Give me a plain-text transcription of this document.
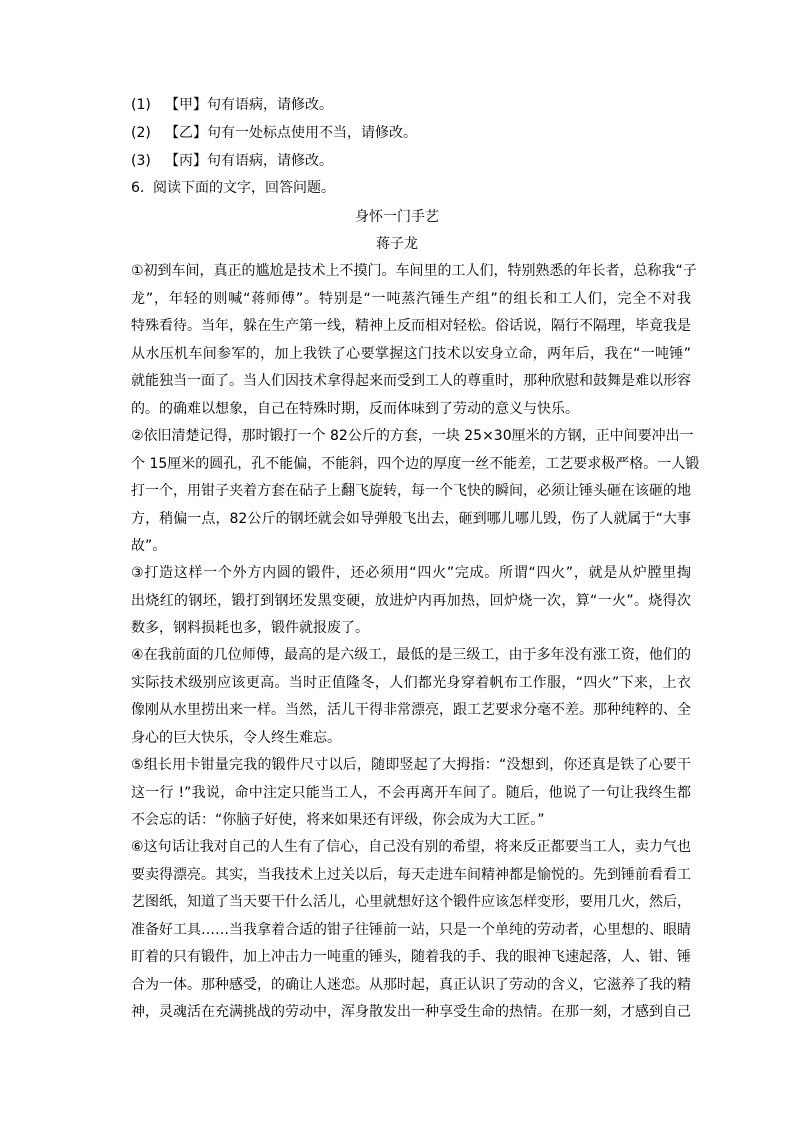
(1) 【甲】句有语病，请修改。
(2) 【乙】句有一处标点使用不当，请修改。
(3) 【丙】句有语病，请修改。
6. 阅读下面的文字，回答问题。
身怀一门手艺
蒋子龙
①初到车间，真正的尴尬是技术上不摸门。车间里的工人们，特别熟悉的年长者，总称我“子
龙”，年轻的则喊“蒋师傅”。特别是“一吨蒸汽锤生产组”的组长和工人们，完全不对我
特殊看待。当年，躲在生产第一线，精神上反而相对轻松。俗话说，隔行不隔理，毕竟我是
从水压机车间参军的，加上我铁了心要掌握这门技术以安身立命，两年后，我在“一吨锤”
就能独当一面了。当人们因技术拿得起来而受到工人的尊重时，那种欣慰和鼓舞是难以形容
的。的确难以想象，自己在特殊时期，反而体味到了劳动的意义与快乐。
②依旧清楚记得，那时锻打一个 82公斤的方套，一块 25×30厘米的方钢，正中间要冲出一
个 15厘米的圆孔，孔不能偏，不能斜，四个边的厚度一丝不能差，工艺要求极严格。一人锻
打一个，用钳子夹着方套在砧子上翻飞旋转，每一个飞快的瞬间，必须让锤头砸在该砸的地
方，稍偏一点，82公斤的钢坯就会如导弹般飞出去，砸到哪儿哪儿毁，伤了人就属于“大事
故”。
③打造这样一个外方内圆的锻件，还必须用“四火”完成。所谓“四火”，就是从炉膛里掏
出烧红的钢坯，锻打到钢坯发黑变硬，放进炉内再加热，回炉烧一次，算“一火”。烧得次
数多，钢料损耗也多，锻件就报废了。
④在我前面的几位师傅，最高的是六级工，最低的是三级工，由于多年没有涨工资，他们的
实际技术级别应该更高。当时正值隆冬，人们都光身穿着帆布工作服，“四火”下来，上衣
像刚从水里捞出来一样。当然，活儿干得非常漂亮，跟工艺要求分毫不差。那种纯粹的、全
身心的巨大快乐，令人终生难忘。
⑤组长用卡钳量完我的锻件尺寸以后，随即竖起了大拇指：“没想到，你还真是铁了心要干
这一行 !”我说，命中注定只能当工人，不会再离开车间了。随后，他说了一句让我终生都
不会忘的话：“你脑子好使，将来如果还有评级，你会成为大工匠。”
⑥这句话让我对自己的人生有了信心，自己没有别的希望，将来反正都要当工人，卖力气也
要卖得漂亮。其实，当我技术上过关以后，每天走进车间精神都是愉悦的。先到锤前看看工
艺图纸，知道了当天要干什么活儿，心里就想好这个锻件应该怎样变形，要用几火，然后，
准备好工具……当我拿着合适的钳子往锤前一站，只是一个单纯的劳动者，心里想的、眼睛
盯着的只有锻件，加上冲击力一吨重的锤头，随着我的手、我的眼神飞速起落，人、钳、锤
合为一体。那种感受，的确让人迷恋。从那时起，真正认识了劳动的含义，它滋养了我的精
神，灵魂活在充满挑战的劳动中，浑身散发出一种享受生命的热情。在那一刻，才感到自己
